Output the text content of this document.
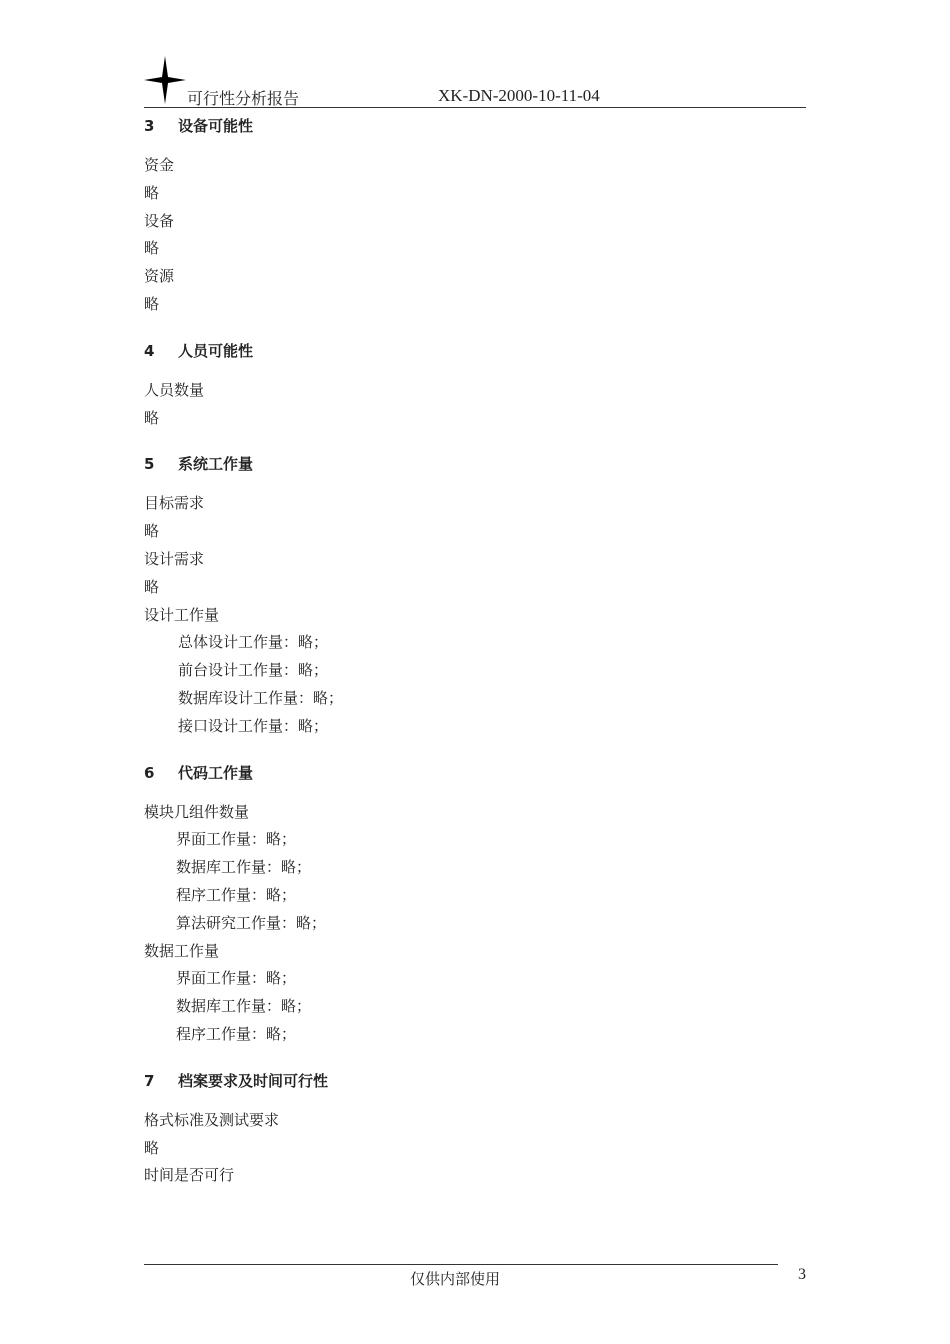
可行性分析报告	XK-DN-2000-10-11-04
3	设备可能性
资金
略
设备
略
资源
略
4	人员可能性
人员数量
略
5	系统工作量
目标需求
略
设计需求
略
设计工作量
总体设计工作量：略；
前台设计工作量：略；
数据库设计工作量：略；
接口设计工作量：略；
6	代码工作量
模块几组件数量
界面工作量：略；
数据库工作量：略；
程序工作量：略；
算法研究工作量：略；
数据工作量
界面工作量：略；
数据库工作量：略；
程序工作量：略；
7	档案要求及时间可行性
格式标准及测试要求
略
时间是否可行
仅供内部使用	3
